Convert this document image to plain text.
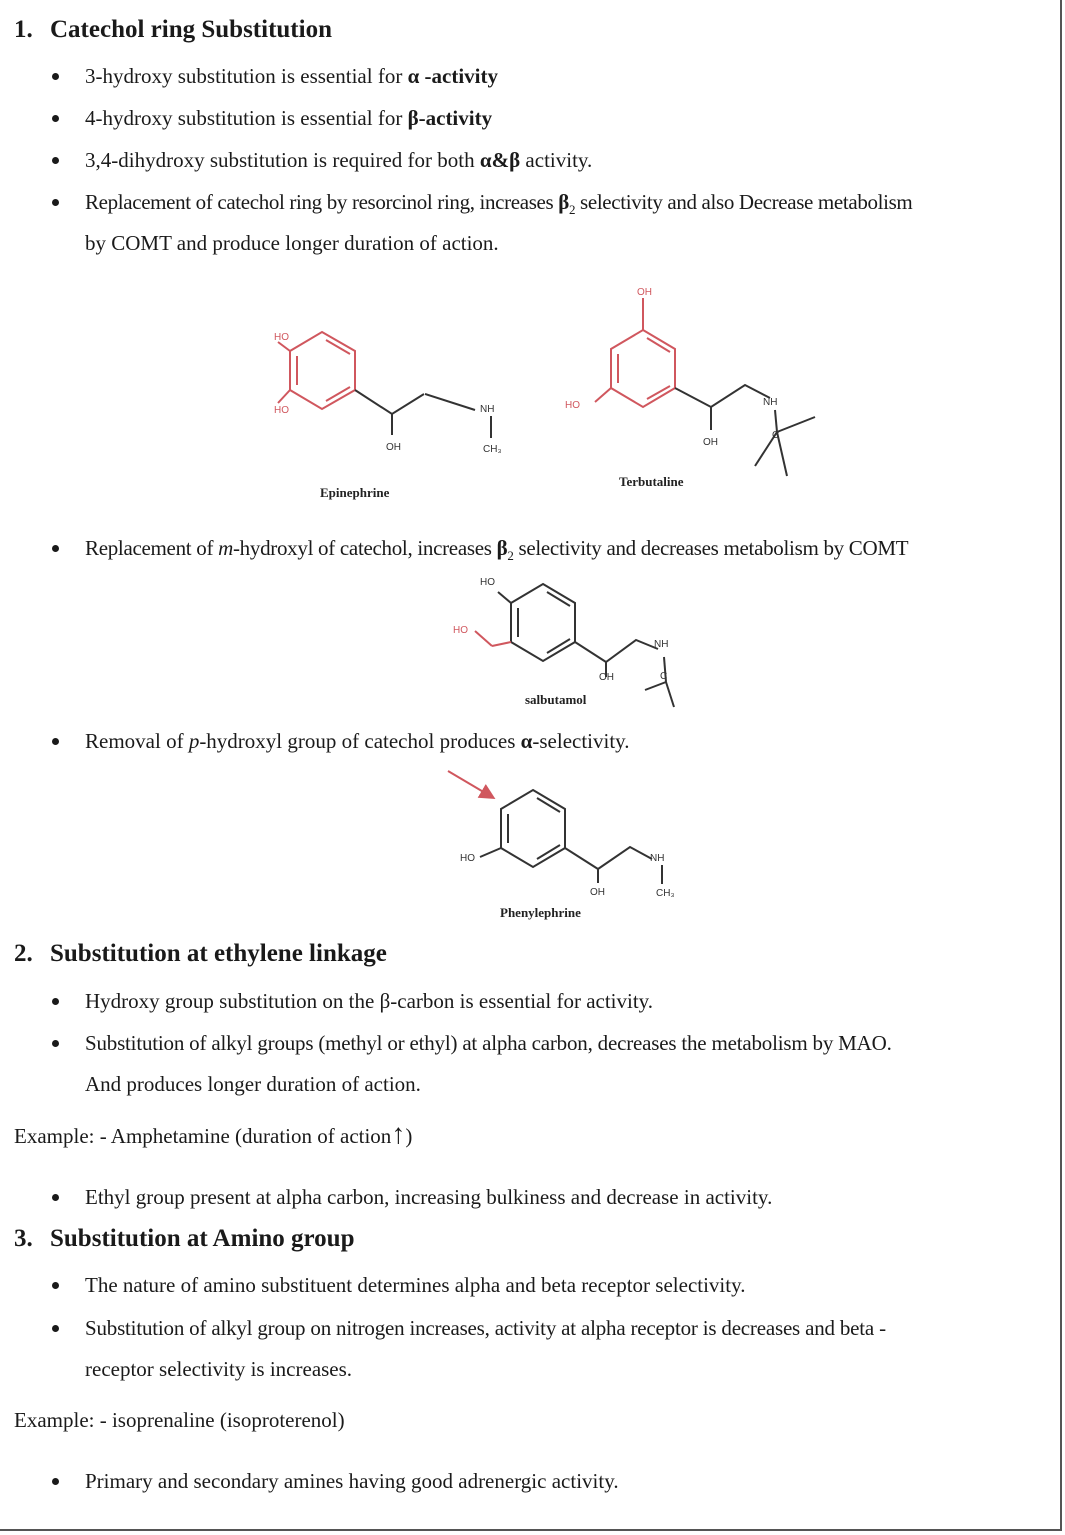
1. Catechol ring Substitution
3-hydroxy substitution is essential for α -activity
4-hydroxy substitution is essential for β-activity
3,4-dihydroxy substitution is required for both α&β activity.
Replacement of catechol ring by resorcinol ring, increases $\beta_2$ selectivity and also Decrease metabolism
by COMT and produce longer duration of action.
HO
HO
OH
Epinephrine
NH
CH₃
OH
HO
OH
NH
C
Terbutaline
Replacement of m-hydroxyl of catechol, increases $\beta_2$ selectivity and decreases metabolism by COMT
HO
HO
OH
NH
C
salbutamol
Removal of p-hydroxyl group of catechol produces α-selectivity.
HO
OH
NH
CH₃
Phenylephrine
2. Substitution at ethylene linkage
Hydroxy group substitution on the β-carbon is essential for activity.
Substitution of alkyl groups (methyl or ethyl) at alpha carbon, decreases the metabolism by MAO.
And produces longer duration of action.
Example: - Amphetamine (duration of action↑)
Ethyl group present at alpha carbon, increasing bulkiness and decrease in activity.
3. Substitution at Amino group
The nature of amino substituent determines alpha and beta receptor selectivity.
Substitution of alkyl group on nitrogen increases, activity at alpha receptor is decreases and beta -
receptor selectivity is increases.
Example: - isoprenaline (isoproterenol)
Primary and secondary amines having good adrenergic activity.
